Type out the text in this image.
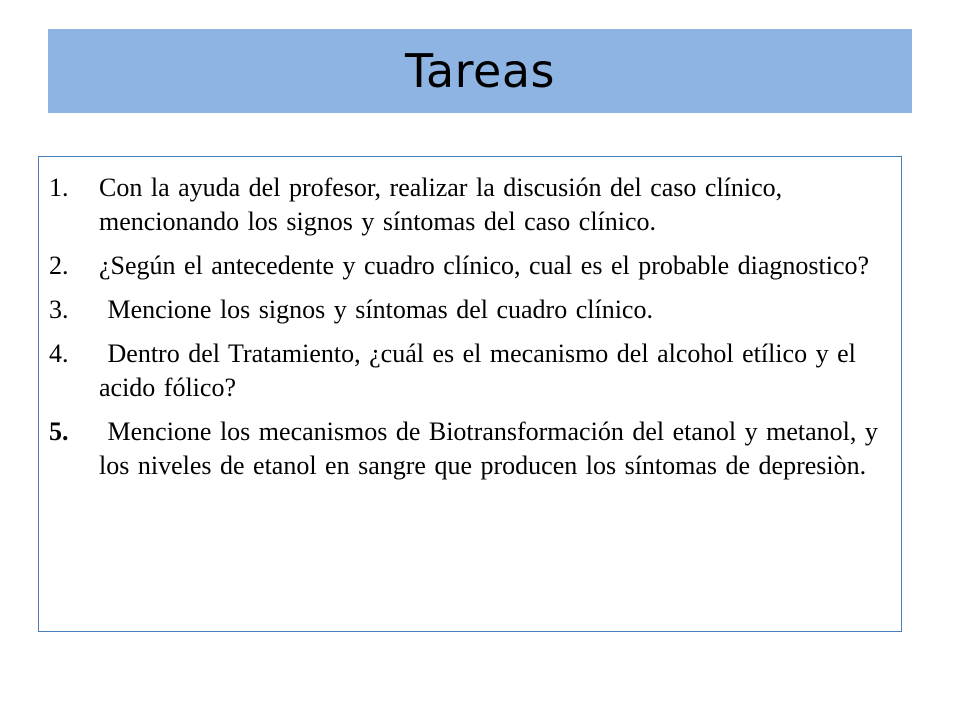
Tareas
1.	Con la ayuda del profesor, realizar la discusión del caso clínico, mencionando los signos y síntomas del caso clínico.
2.	¿Según el antecedente y cuadro clínico, cual es el probable diagnostico?
3.	Mencione los signos y síntomas del cuadro clínico.
4.	Dentro del Tratamiento, ¿cuál es el mecanismo del alcohol etílico y el acido fólico?
5.	Mencione los mecanismos de Biotransformación del etanol y metanol, y los niveles de etanol en sangre que producen los síntomas de depresiòn.
